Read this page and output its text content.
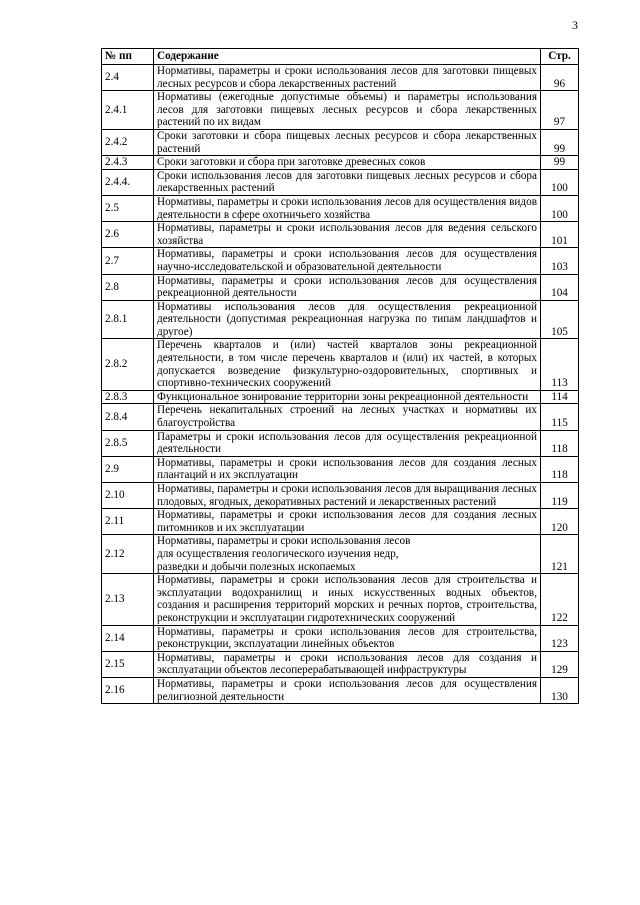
3
№ пп	Содержание	Стр.
2.4	Нормативы, параметры и сроки использования лесов для заготовки пищевых лесных ресурсов и сбора лекарственных растений	96
2.4.1	Нормативы (ежегодные допустимые объемы) и параметры использования лесов для заготовки пищевых лесных ресурсов и сбора лекарственных растений по их видам	97
2.4.2	Сроки заготовки и сбора пищевых лесных ресурсов и сбора лекарственных растений	99
2.4.3	Сроки заготовки и сбора при заготовке древесных соков	99
2.4.4.	Сроки использования лесов для заготовки пищевых лесных ресурсов и сбора лекарственных растений	100
2.5	Нормативы, параметры и сроки использования лесов для осуществления видов деятельности в сфере охотничьего хозяйства	100
2.6	Нормативы, параметры и сроки использования лесов для ведения сельского хозяйства	101
2.7	Нормативы, параметры и сроки использования лесов для осуществления научно-исследовательской и образовательной деятельности	103
2.8	Нормативы, параметры и сроки использования лесов для осуществления рекреационной деятельности	104
2.8.1	Нормативы использования лесов для осуществления рекреационной деятельности (допустимая рекреационная нагрузка по типам ландшафтов и другое)	105
2.8.2	Перечень кварталов и (или) частей кварталов зоны рекреационной деятельности, в том числе перечень кварталов и (или) их частей, в которых допускается возведение физкультурно-оздоровительных, спортивных и спортивно-технических сооружений	113
2.8.3	Функциональное зонирование территории зоны рекреационной деятельности	114
2.8.4	Перечень некапитальных строений на лесных участках и нормативы их благоустройства	115
2.8.5	Параметры и сроки использования лесов для осуществления рекреационной деятельности	118
2.9	Нормативы, параметры и сроки использования лесов для создания лесных плантаций и их эксплуатации	118
2.10	Нормативы, параметры и сроки использования лесов для выращивания лесных плодовых, ягодных, декоративных растений и лекарственных растений	119
2.11	Нормативы, параметры и сроки использования лесов для создания лесных питомников и их эксплуатации	120
2.12	Нормативы, параметры и сроки использования лесов
для осуществления геологического изучения недр,
разведки и добычи полезных ископаемых	121
2.13	Нормативы, параметры и сроки использования лесов для строительства и эксплуатации водохранилищ и иных искусственных водных объектов, создания и расширения территорий морских и речных портов, строительства, реконструкции и эксплуатации гидротехнических сооружений	122
2.14	Нормативы, параметры и сроки использования лесов для строительства, реконструкции, эксплуатации линейных объектов	123
2.15	Нормативы, параметры и сроки использования лесов для создания и эксплуатации объектов лесоперерабатывающей инфраструктуры	129
2.16	Нормативы, параметры и сроки использования лесов для осуществления религиозной деятельности	130
